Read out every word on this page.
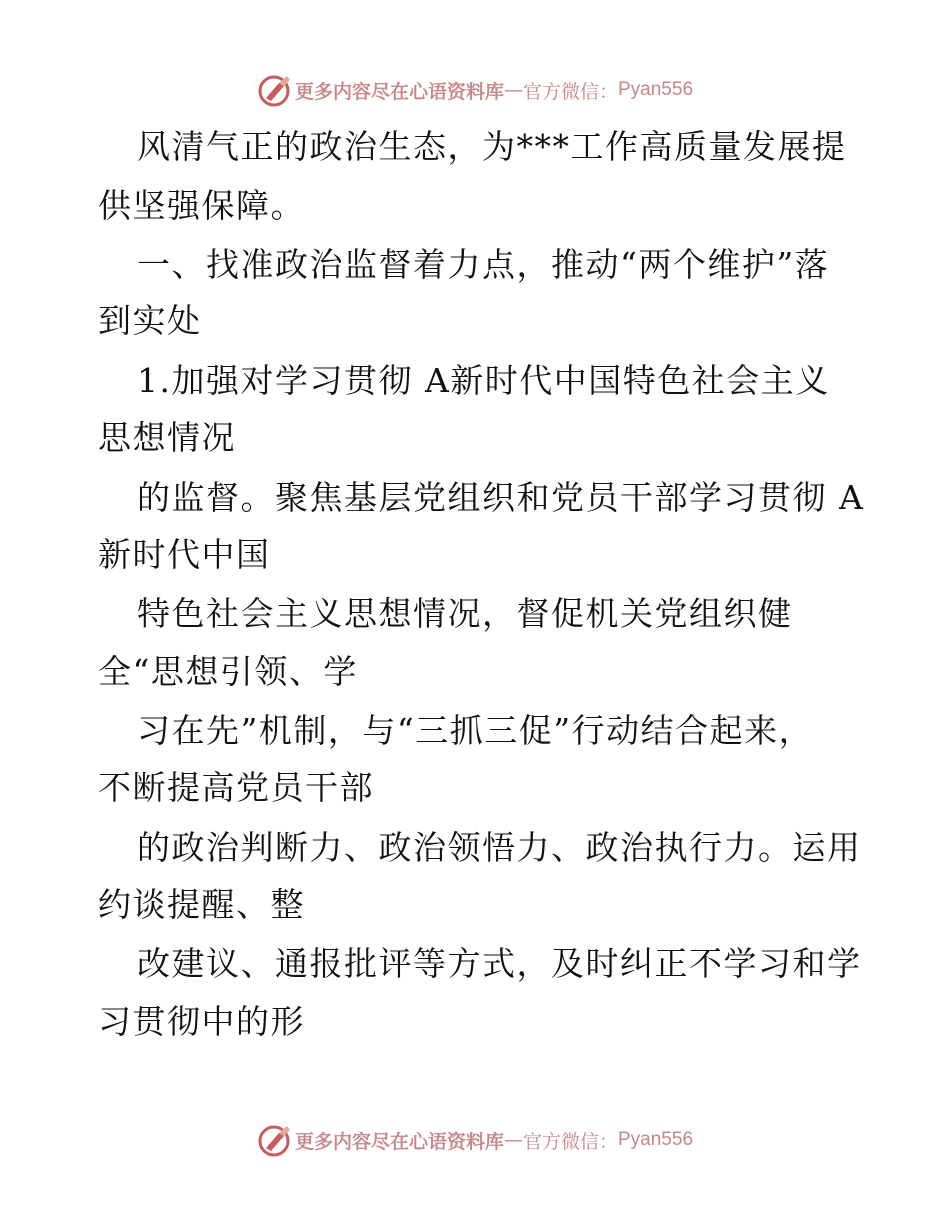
更多内容尽在心语资料库 — 官方微信： Pyan556
风清气正的政治生态，为***工作高质量发展提
供坚强保障。
一、找准政治监督着力点，推动“两个维护”落
到实处
1.加强对学习贯彻 A新时代中国特色社会主义
思想情况
的监督。聚焦基层党组织和党员干部学习贯彻 A
新时代中国
特色社会主义思想情况，督促机关党组织健
全“思想引领、学
习在先”机制，与“三抓三促”行动结合起来，
不断提高党员干部
的政治判断力、政治领悟力、政治执行力。运用
约谈提醒、整
改建议、通报批评等方式，及时纠正不学习和学
习贯彻中的形
更多内容尽在心语资料库 — 官方微信： Pyan556
